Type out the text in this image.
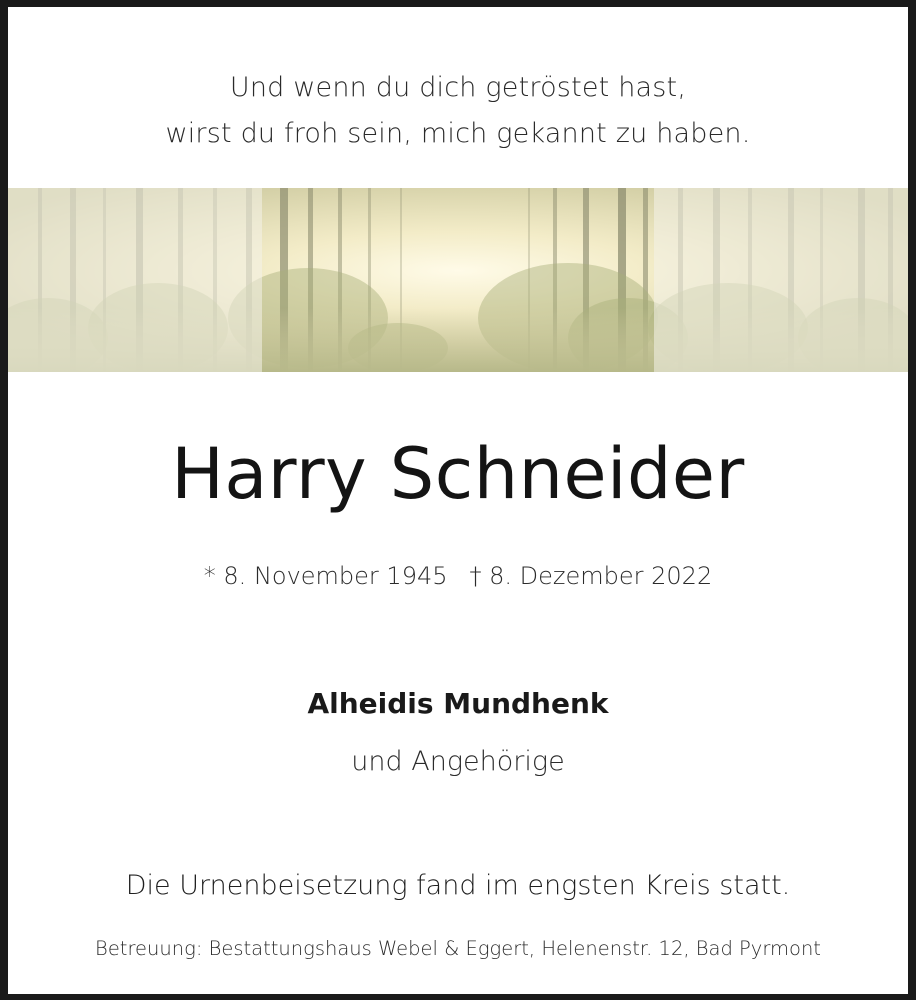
Und wenn du dich getröstet hast,
wirst du froh sein, mich gekannt zu haben.
Harry Schneider
* 8. November 1945 † 8. Dezember 2022
Alheidis Mundhenk
und Angehörige
Die Urnenbeisetzung fand im engsten Kreis statt.
Betreuung: Bestattungshaus Webel & Eggert, Helenenstr. 12, Bad Pyrmont
